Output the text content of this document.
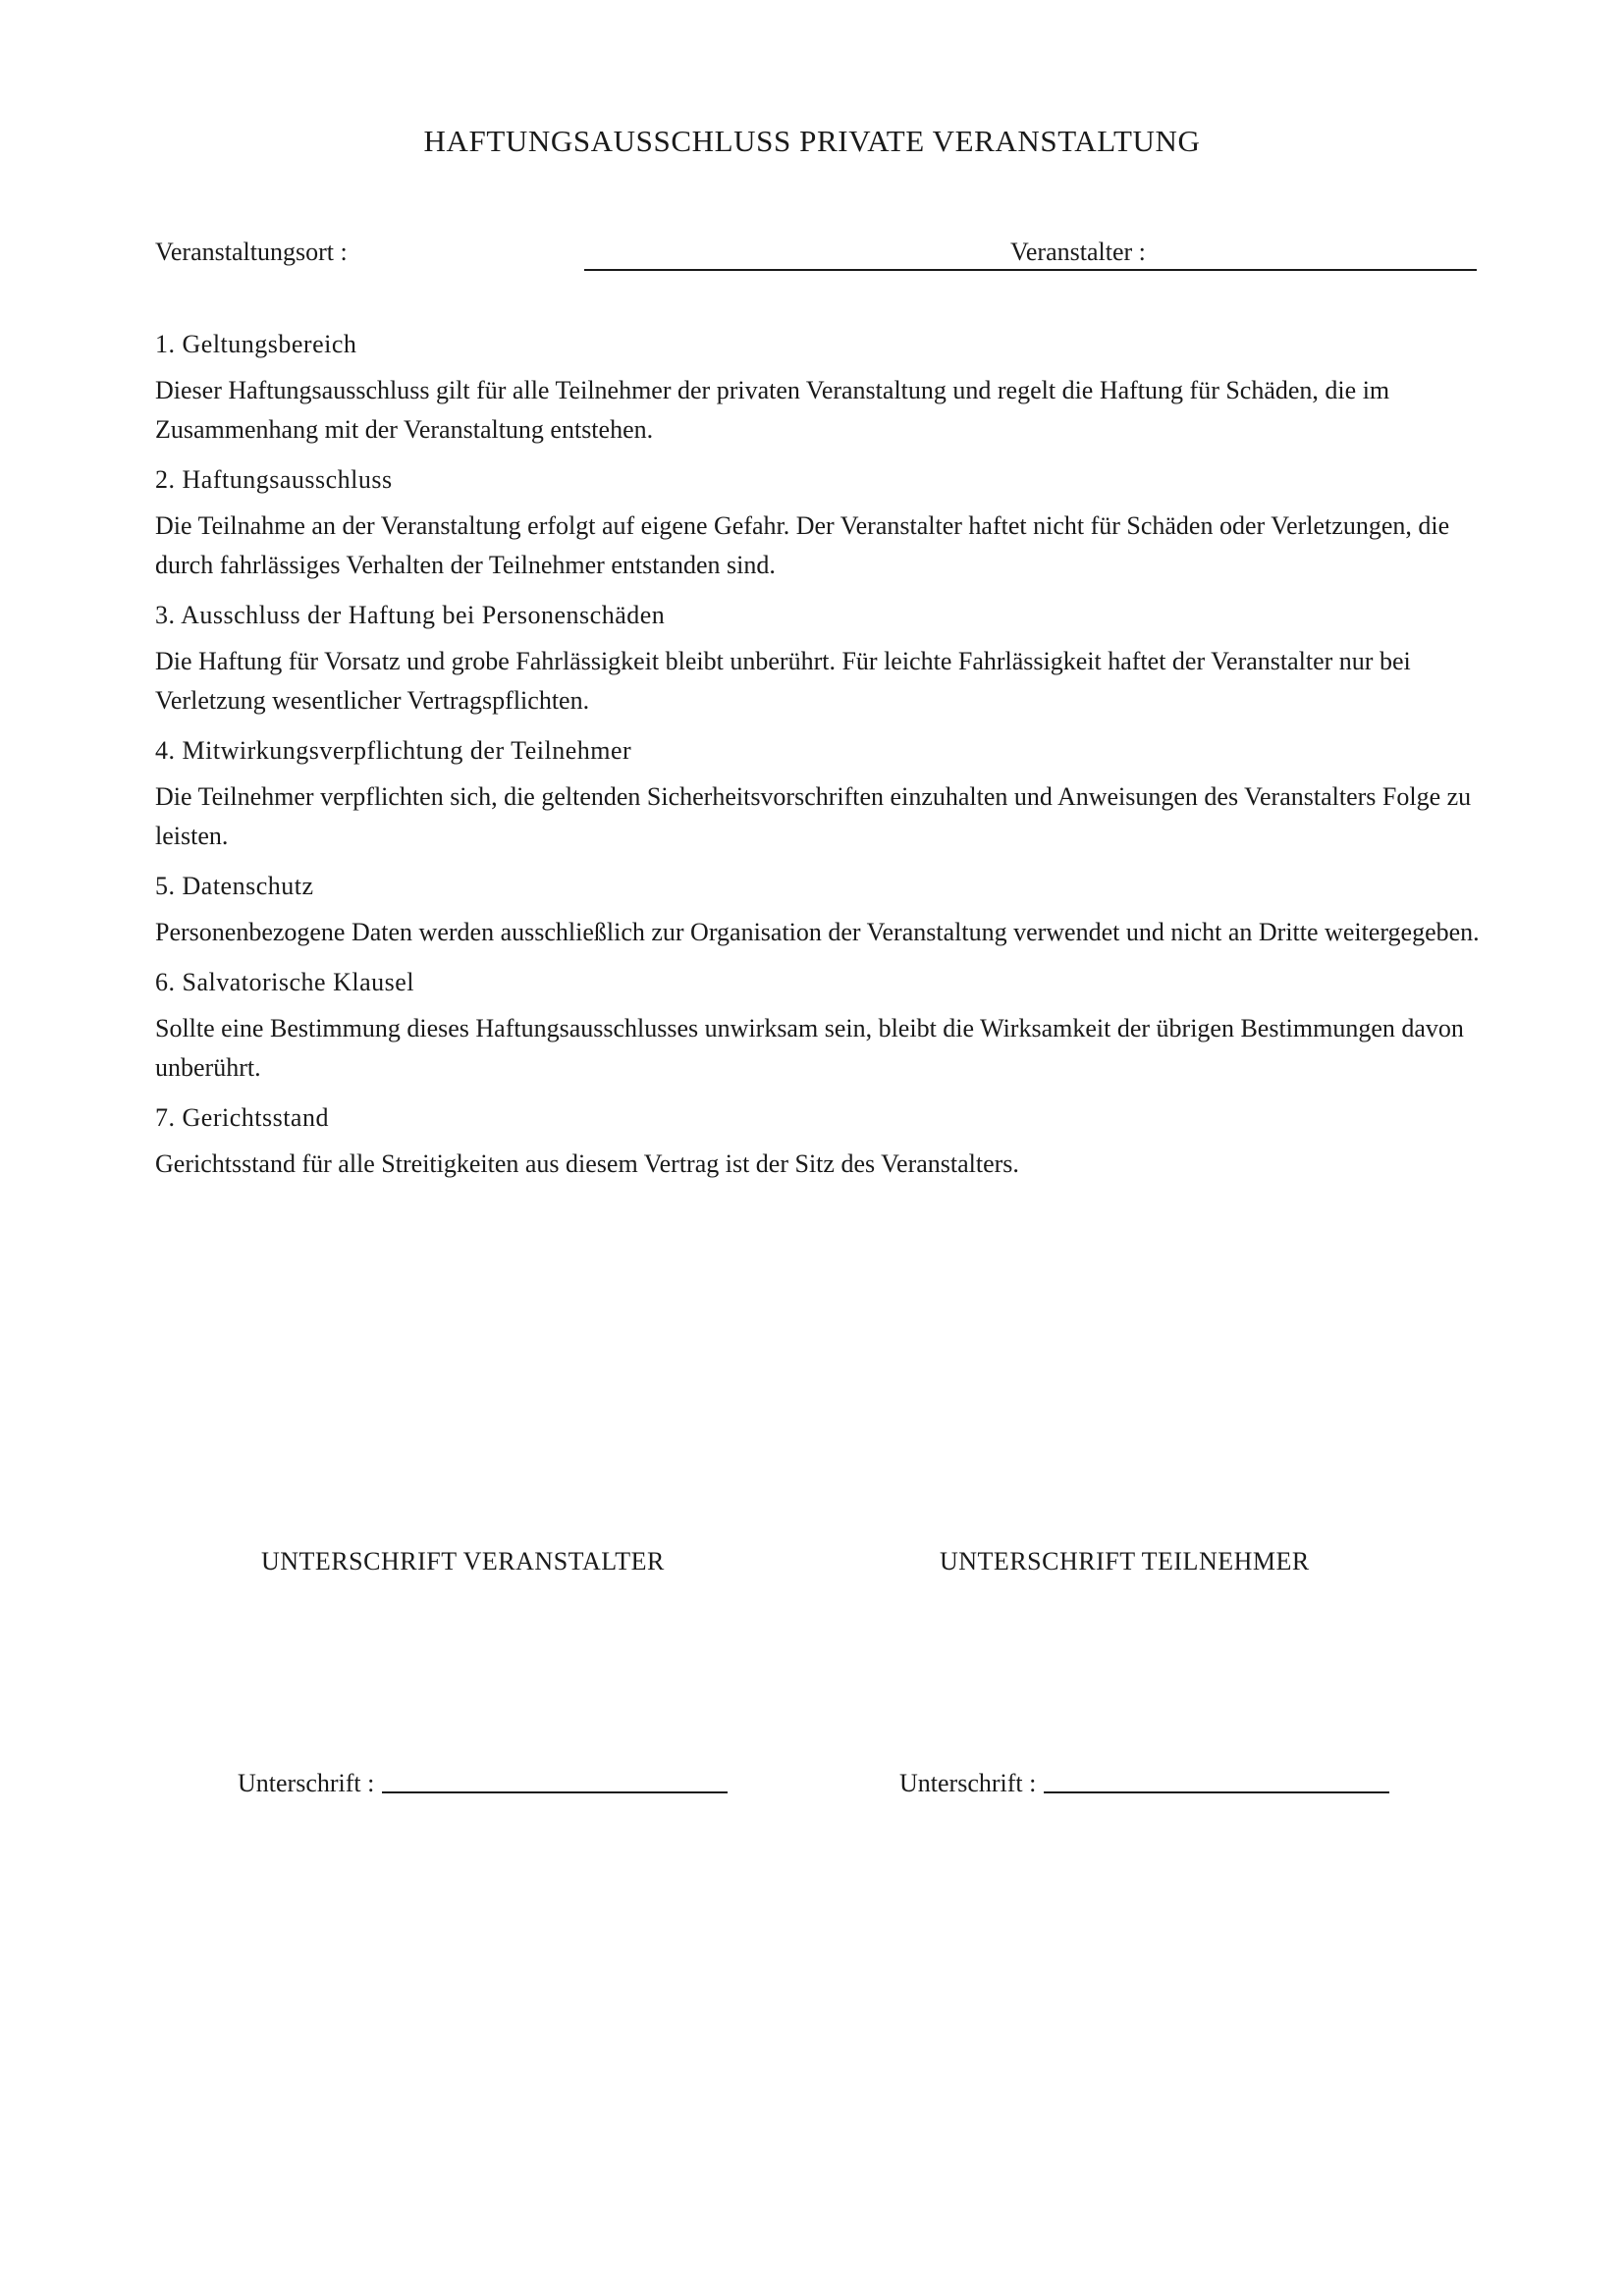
HAFTUNGSAUSSCHLUSS PRIVATE VERANSTALTUNG
Veranstaltungsort :	Veranstalter :

1. Geltungsbereich

Dieser Haftungsausschluss gilt für alle Teilnehmer der privaten Veranstaltung und regelt die Haftung für Schäden, die im Zusammenhang mit der Veranstaltung entstehen.

2. Haftungsausschluss

Die Teilnahme an der Veranstaltung erfolgt auf eigene Gefahr. Der Veranstalter haftet nicht für Schäden oder Verletzungen, die durch fahrlässiges Verhalten der Teilnehmer entstanden sind.

3. Ausschluss der Haftung bei Personenschäden

Die Haftung für Vorsatz und grobe Fahrlässigkeit bleibt unberührt. Für leichte Fahrlässigkeit haftet der Veranstalter nur bei Verletzung wesentlicher Vertragspflichten.

4. Mitwirkungsverpflichtung der Teilnehmer

Die Teilnehmer verpflichten sich, die geltenden Sicherheitsvorschriften einzuhalten und Anweisungen des Veranstalters Folge zu leisten.

5. Datenschutz

Personenbezogene Daten werden ausschließlich zur Organisation der Veranstaltung verwendet und nicht an Dritte weitergegeben.

6. Salvatorische Klausel

Sollte eine Bestimmung dieses Haftungsausschlusses unwirksam sein, bleibt die Wirksamkeit der übrigen Bestimmungen davon unberührt.

7. Gerichtsstand

Gerichtsstand für alle Streitigkeiten aus diesem Vertrag ist der Sitz des Veranstalters.

UNTERSCHRIFT VERANSTALTER	UNTERSCHRIFT TEILNEHMER
Unterschrift :	Unterschrift :
